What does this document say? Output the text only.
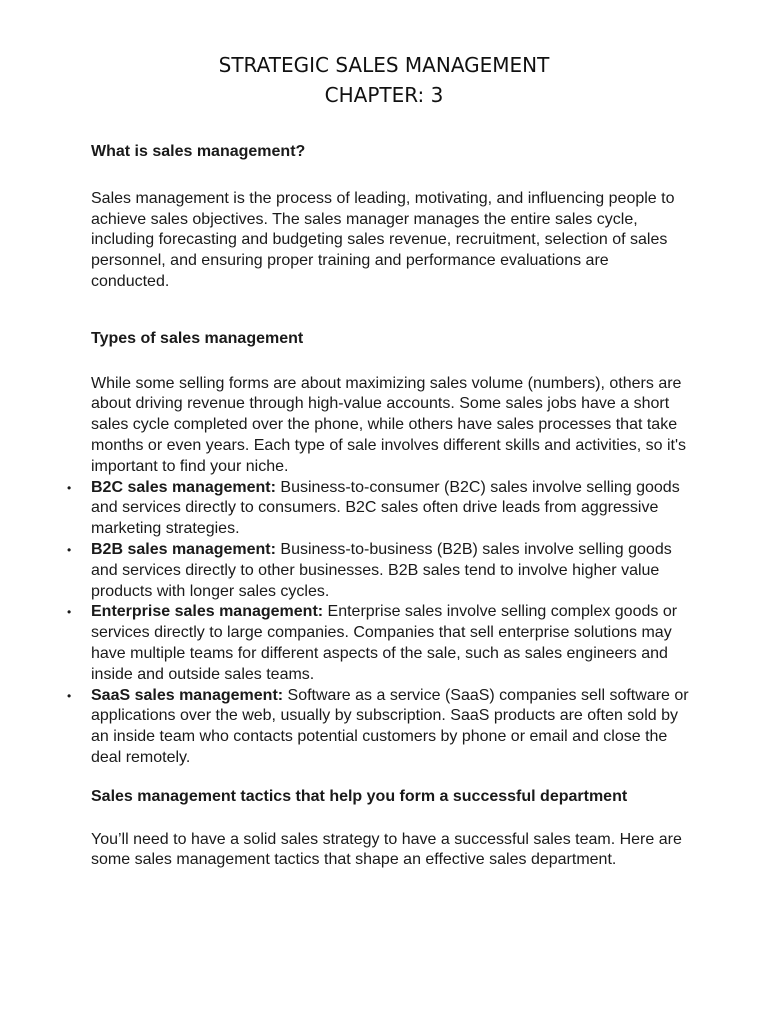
STRATEGIC SALES MANAGEMENT
CHAPTER: 3

What is sales management?

Sales management is the process of leading, motivating, and influencing people to achieve sales objectives. The sales manager manages the entire sales cycle, including forecasting and budgeting sales revenue, recruitment, selection of sales personnel, and ensuring proper training and performance evaluations are conducted.

Types of sales management

While some selling forms are about maximizing sales volume (numbers), others are about driving revenue through high-value accounts. Some sales jobs have a short sales cycle completed over the phone, while others have sales processes that take months or even years. Each type of sale involves different skills and activities, so it's important to find your niche.

• B2C sales management: Business-to-consumer (B2C) sales involve selling goods and services directly to consumers. B2C sales often drive leads from aggressive marketing strategies.
• B2B sales management: Business-to-business (B2B) sales involve selling goods and services directly to other businesses. B2B sales tend to involve higher value products with longer sales cycles.
• Enterprise sales management: Enterprise sales involve selling complex goods or services directly to large companies. Companies that sell enterprise solutions may have multiple teams for different aspects of the sale, such as sales engineers and inside and outside sales teams.
• SaaS sales management: Software as a service (SaaS) companies sell software or applications over the web, usually by subscription. SaaS products are often sold by an inside team who contacts potential customers by phone or email and close the deal remotely.

Sales management tactics that help you form a successful department

You’ll need to have a solid sales strategy to have a successful sales team. Here are some sales management tactics that shape an effective sales department.
